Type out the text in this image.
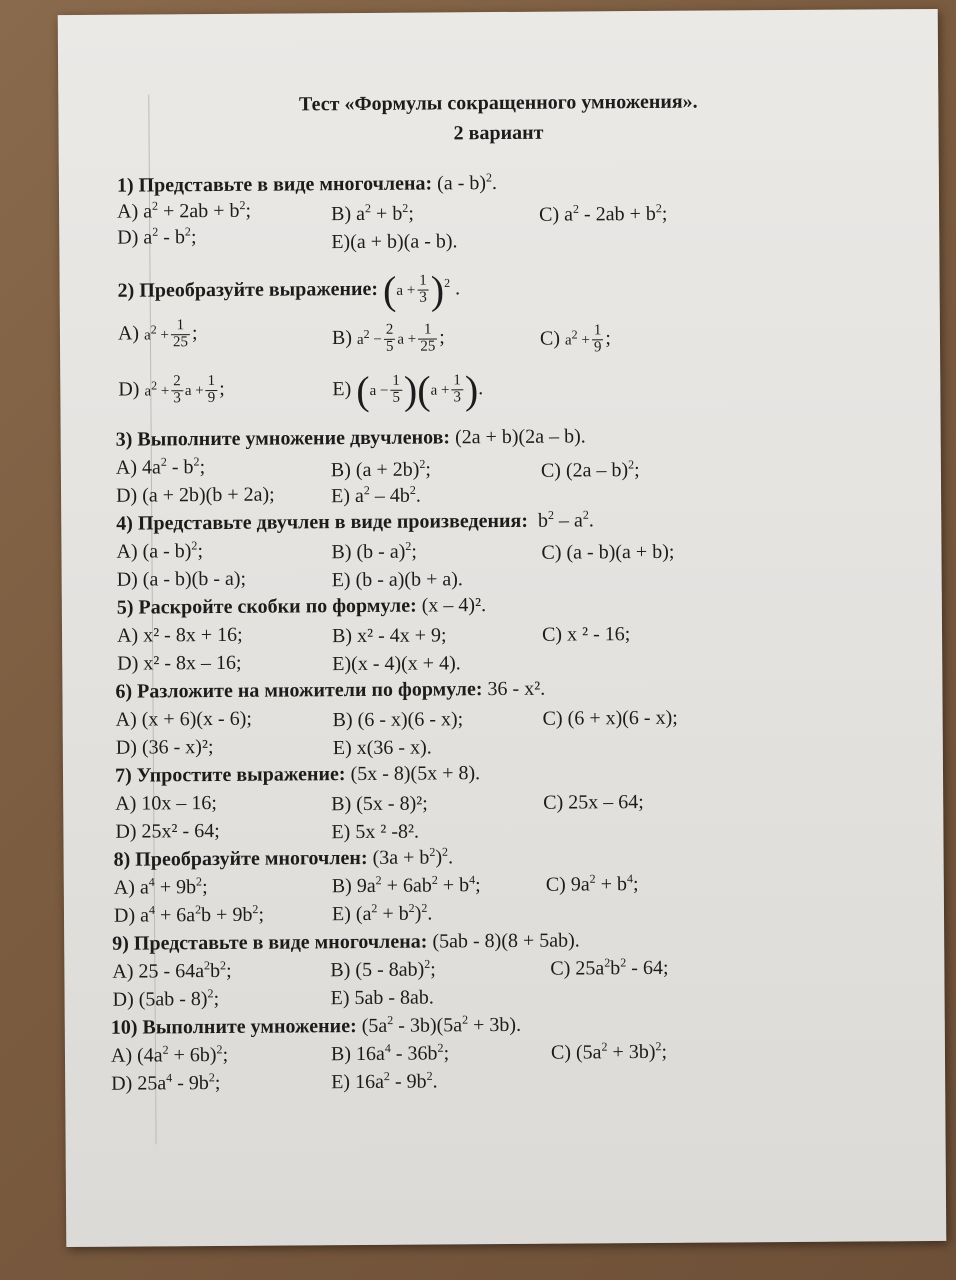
Тест «Формулы сокращенного умножения».
2 вариант
1) Представьте в виде многочлена: (a - b)$^2$.
A) $a^2 + 2ab + b^2$;	B) $a^2 + b^2$;	C) $a^2 - 2ab + b^2$;
D) $a^2 - b^2$;	E)(a + b)(a - b).
2) Преобразуйте выражение: $(a + \frac{1}{3} )^2$ .
A) $a^2 + \frac{1}{25}$ ;	B) $a^2 - \frac{2}{5}$ $a + \frac{1}{25}$ ;	C) $a^2 + \frac{1}{9}$ ;
D) $a^2 + \frac{2}{3}$ $a + \frac{1}{9}$ ;	E) $(a - \frac{1}{5} )(a + \frac{1}{3}$ ).
3) Выполните умножение двучленов: (2a + b)(2a – b).
A) $4a^2 - b^2$;	B) $(a + 2b)^2$;	C) (2a – b)$^2$;
D) (a + 2b)(b + 2a);	E) $a^2 - 4b^2$.
4) Представьте двучлен в виде произведения:  $b^2 - a^2$.
A) (a - b)$^2$;	B) (b - a)$^2$;	C) (a - b)(a + b);
D) (a - b)(b - a);	E) (b - a)(b + a).
5) Раскройте скобки по формуле: (x – 4)².
A) x² - 8x + 16;	B) x² - 4x + 9;	C) x ² - 16;
D) x² - 8x – 16;	E)(x - 4)(x + 4).
6) Разложите на множители по формуле: 36 - x².
A) (x + 6)(x - 6);	B) (6 - x)(6 - x);	C) (6 + x)(6 - x);
D) (36 - x)²;	E) x(36 - x).
7) Упростите выражение: (5x - 8)(5x + 8).
A) 10x – 16;	B) (5x - 8)²;	C) 25x – 64;
D) 25x² - 64;	E) 5x ² -8².
8) Преобразуйте многочлен: $(3a + b^2)^2$.
A) $a^4 + 9b^2$;	B) $9a^2 + 6ab^2 + b^4$;	C) $9a^2 + b^4$;
D) $a^4 + 6a^2b + 9b^2$;	E) $(a^2 + b^2)^2$.
9) Представьте в виде многочлена: (5ab - 8)(8 + 5ab).
A) $25 - 64a^2b^2$;	B) (5 - 8ab)$^2$;	C) $25a^2b^2 - 64$;
D) (5ab - 8)$^2$;	E) 5ab - 8ab.
10) Выполните умножение: $(5a^2 - 3b)(5a^2 + 3b)$.
A) $(4a^2 + 6b)^2$;	B) $16a^4 - 36b^2$;	C) $(5a^2 + 3b)^2$;
D) $25a^4 - 9b^2$;	E) $16a^2 - 9b^2$.
